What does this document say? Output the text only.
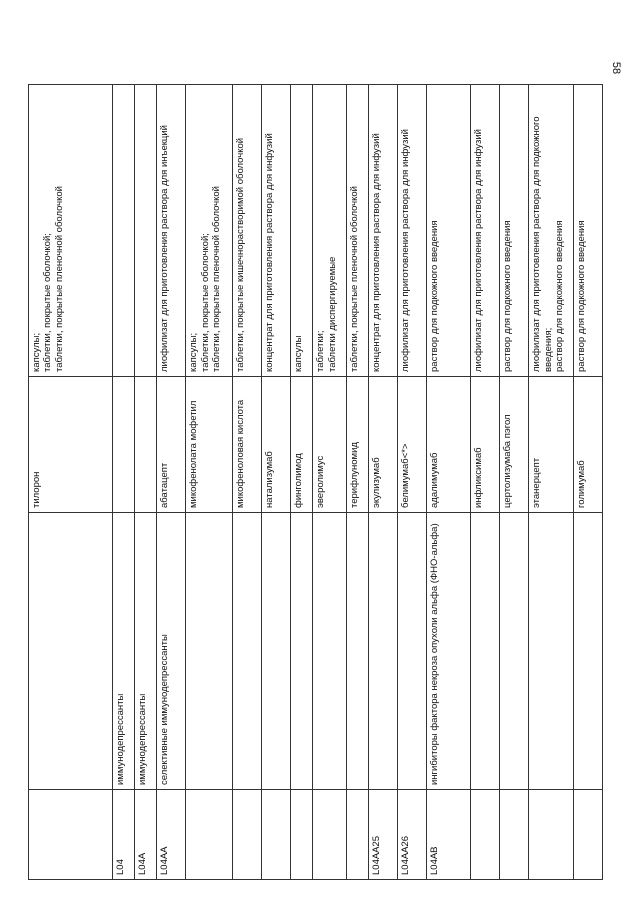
58
		тилорон	капсулы; таблетки, покрытые оболочкой; таблетки, покрытые пленочной оболочкой

L04	иммунодепрессанты		
L04A	иммунодепрессанты		
L04AA	селективные иммунодепрессанты	абатацепт	лиофилизат для приготовления раствора для инъекций

		микофенолата мофетил	капсулы; таблетки, покрытые оболочкой; таблетки, покрытые пленочной оболочкой

		микофеноловая кислота	таблетки, покрытые кишечнорастворимой оболочкой

		натализумаб	концентрат для приготовления раствора для инфузий

		финголимод	капсулы

		эверолимус	таблетки; таблетки диспергируемые

		терифлуномид	таблетки, покрытые пленочной оболочкой

L04AA25		экулизумаб	концентрат для приготовления раствора для инфузий

L04AA26		белимумаб<*>	лиофилизат для приготовления раствора для инфузий

L04AB	ингибиторы фактора некроза опухоли альфа (ФНО-альфа)	адалимумаб	раствор для подкожного введения

		инфликсимаб	лиофилизат для приготовления раствора для инфузий

		цертолизумаба пэгол	раствор для подкожного введения

		этанерцепт	лиофилизат для приготовления раствора для подкожного введения; раствор для подкожного введения

		голимумаб	раствор для подкожного введения
